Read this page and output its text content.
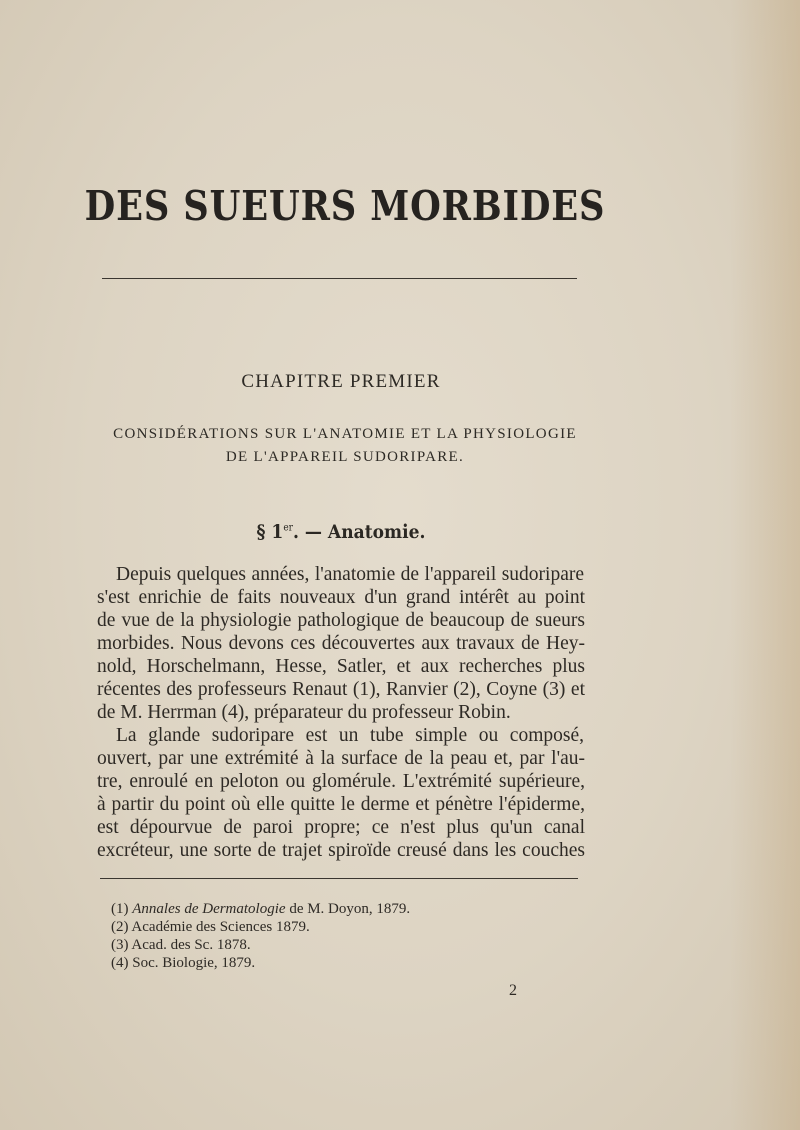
DES SUEURS MORBIDES
CHAPITRE PREMIER
CONSIDÉRATIONS SUR L'ANATOMIE ET LA PHYSIOLOGIE
DE L'APPAREIL SUDORIPARE.
§ 1er. — Anatomie.
Depuis quelques années, l'anatomie de l'appareil sudoripare
s'est enrichie de faits nouveaux d'un grand intérêt au point
de vue de la physiologie pathologique de beaucoup de sueurs
morbides. Nous devons ces découvertes aux travaux de Hey-
nold, Horschelmann, Hesse, Satler, et aux recherches plus
récentes des professeurs Renaut (1), Ranvier (2), Coyne (3) et
de M. Herrman (4), préparateur du professeur Robin.
La glande sudoripare est un tube simple ou composé,
ouvert, par une extrémité à la surface de la peau et, par l'au-
tre, enroulé en peloton ou glomérule. L'extrémité supérieure,
à partir du point où elle quitte le derme et pénètre l'épiderme,
est dépourvue de paroi propre; ce n'est plus qu'un canal
excréteur, une sorte de trajet spiroïde creusé dans les couches
(1) Annales de Dermatologie de M. Doyon, 1879.
(2) Académie des Sciences 1879.
(3) Acad. des Sc. 1878.
(4) Soc. Biologie, 1879.
2
